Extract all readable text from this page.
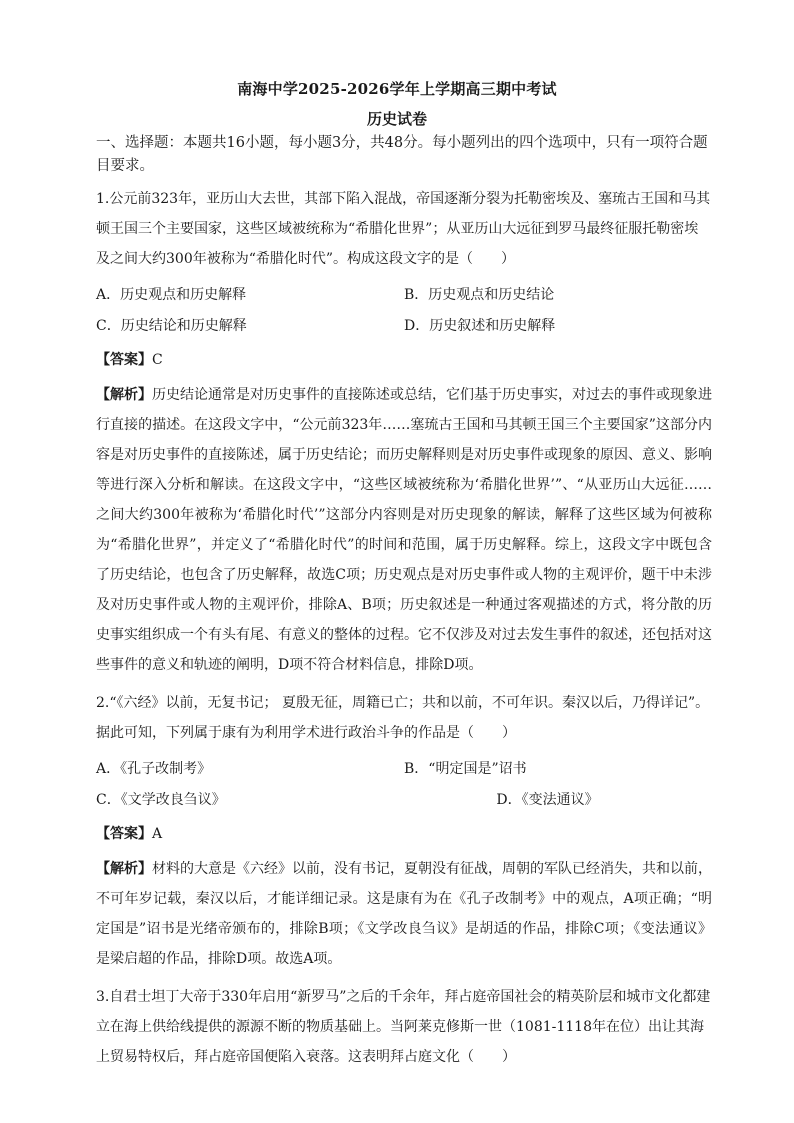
南海中学2025-2026学年上学期高三期中考试
历史试卷

一、选择题：本题共16小题，每小题3分，共48分。每小题列出的四个选项中，只有一项符合题目要求。

1.公元前323年，亚历山大去世，其部下陷入混战，帝国逐渐分裂为托勒密埃及、塞琉古王国和马其顿王国三个主要国家，这些区域被统称为“希腊化世界”；从亚历山大远征到罗马最终征服托勒密埃及之间大约300年被称为“希腊化时代”。构成这段文字的是（　　）

A．历史观点和历史解释	B．历史观点和历史结论
C．历史结论和历史解释	D．历史叙述和历史解释

【答案】C

【解析】历史结论通常是对历史事件的直接陈述或总结，它们基于历史事实，对过去的事件或现象进行直接的描述。在这段文字中，“公元前323年……塞琉古王国和马其顿王国三个主要国家”这部分内容是对历史事件的直接陈述，属于历史结论；而历史解释则是对历史事件或现象的原因、意义、影响等进行深入分析和解读。在这段文字中，“这些区域被统称为‘希腊化世界’”、“从亚历山大远征……之间大约300年被称为‘希腊化时代’”这部分内容则是对历史现象的解读，解释了这些区域为何被称为“希腊化世界”，并定义了“希腊化时代”的时间和范围，属于历史解释。综上，这段文字中既包含了历史结论，也包含了历史解释，故选C项；历史观点是对历史事件或人物的主观评价，题干中未涉及对历史事件或人物的主观评价，排除A、B项；历史叙述是一种通过客观描述的方式，将分散的历史事实组织成一个有头有尾、有意义的整体的过程。它不仅涉及对过去发生事件的叙述，还包括对这些事件的意义和轨迹的阐明，D项不符合材料信息，排除D项。

2.“《六经》以前，无复书记； 夏殷无征，周籍已亡；共和以前，不可年识。秦汉以后，乃得详记”。据此可知，下列属于康有为利用学术进行政治斗争的作品是（　　）

A．《孔子改制考》	B．“明定国是”诏书
C．《文学改良刍议》	D．《变法通议》

【答案】A

【解析】材料的大意是《六经》以前，没有书记，夏朝没有征战，周朝的军队已经消失，共和以前，不可年岁记载，秦汉以后，才能详细记录。这是康有为在《孔子改制考》中的观点，A项正确；“明定国是”诏书是光绪帝颁布的，排除B项；《文学改良刍议》是胡适的作品，排除C项；《变法通议》是梁启超的作品，排除D项。故选A项。

3.自君士坦丁大帝于330年启用“新罗马”之后的千余年，拜占庭帝国社会的精英阶层和城市文化都建立在海上供给线提供的源源不断的物质基础上。当阿莱克修斯一世（1081-1118年在位）出让其海上贸易特权后，拜占庭帝国便陷入衰落。这表明拜占庭文化（　　）
